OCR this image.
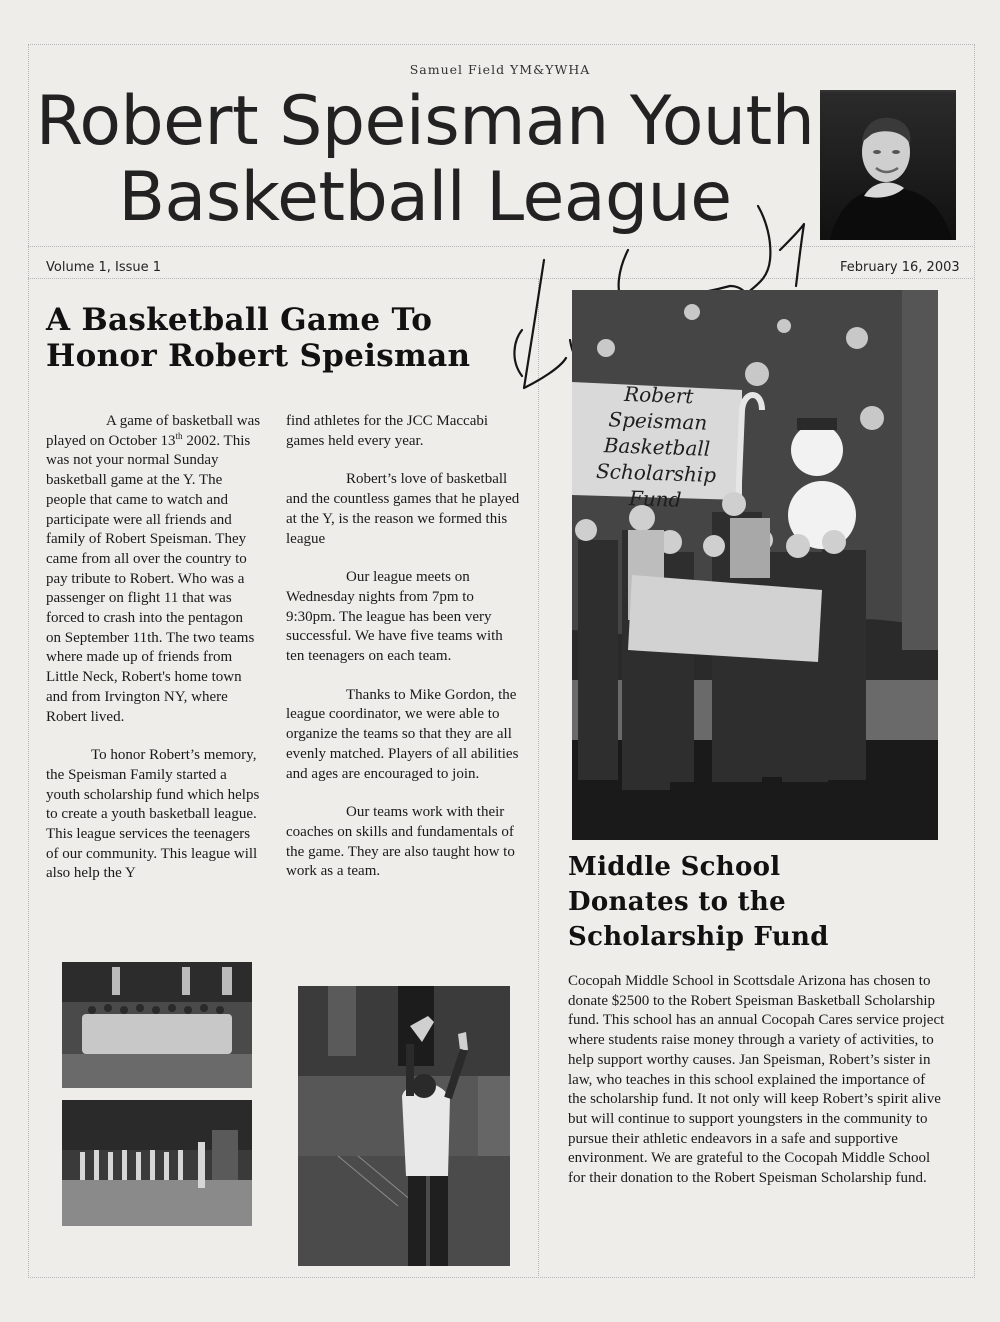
Samuel Field YM&YWHA
Robert Speisman Youth
Basketball League
Volume 1, Issue 1	February 16, 2003
A Basketball Game To
Honor Robert Speisman

A game of basketball was played on October 13th 2002. This was not your normal Sunday basketball game at the Y. The people that came to watch and participate were all friends and family of Robert Speisman. They came from all over the country to pay tribute to Robert. Who was a passenger on flight 11 that was forced to crash into the pentagon on September 11th. The two teams where made up of friends from Little Neck, Robert's home town and from Irvington NY, where Robert lived.

To honor Robert’s memory, the Speisman Family started a youth scholarship fund which helps to create a youth basketball league. This league services the teenagers of our community. This league will also help the Y

find athletes for the JCC Maccabi games held every year.

Robert’s love of basketball and the countless games that he played at the Y, is the reason we formed this league

Our league meets on Wednesday nights from 7pm to 9:30pm. The league has been very successful. We have five teams with ten teenagers on each team.

Thanks to Mike Gordon, the league coordinator, we were able to organize the teams so that they are all evenly matched. Players of all abilities and ages are encouraged to join.

Our teams work with their coaches on skills and fundamentals of the game. They are also taught how to work as a team.

Robert Speisman
Basketball
Scholarship Fund
Middle School
Donates to the
Scholarship Fund
Cocopah Middle School in Scottsdale Arizona has chosen to donate $2500 to the Robert Speisman Basketball Scholarship fund. This school has an annual Cocopah Cares service project where students raise money through a variety of activities, to help support worthy causes. Jan Speisman, Robert’s sister in law, who teaches in this school explained the importance of the scholarship fund. It not only will keep Robert’s spirit alive but will continue to support youngsters in the community to pursue their athletic endeavors in a safe and supportive environment. We are grateful to the Cocopah Middle School for their donation to the Robert Speisman Scholarship fund.
